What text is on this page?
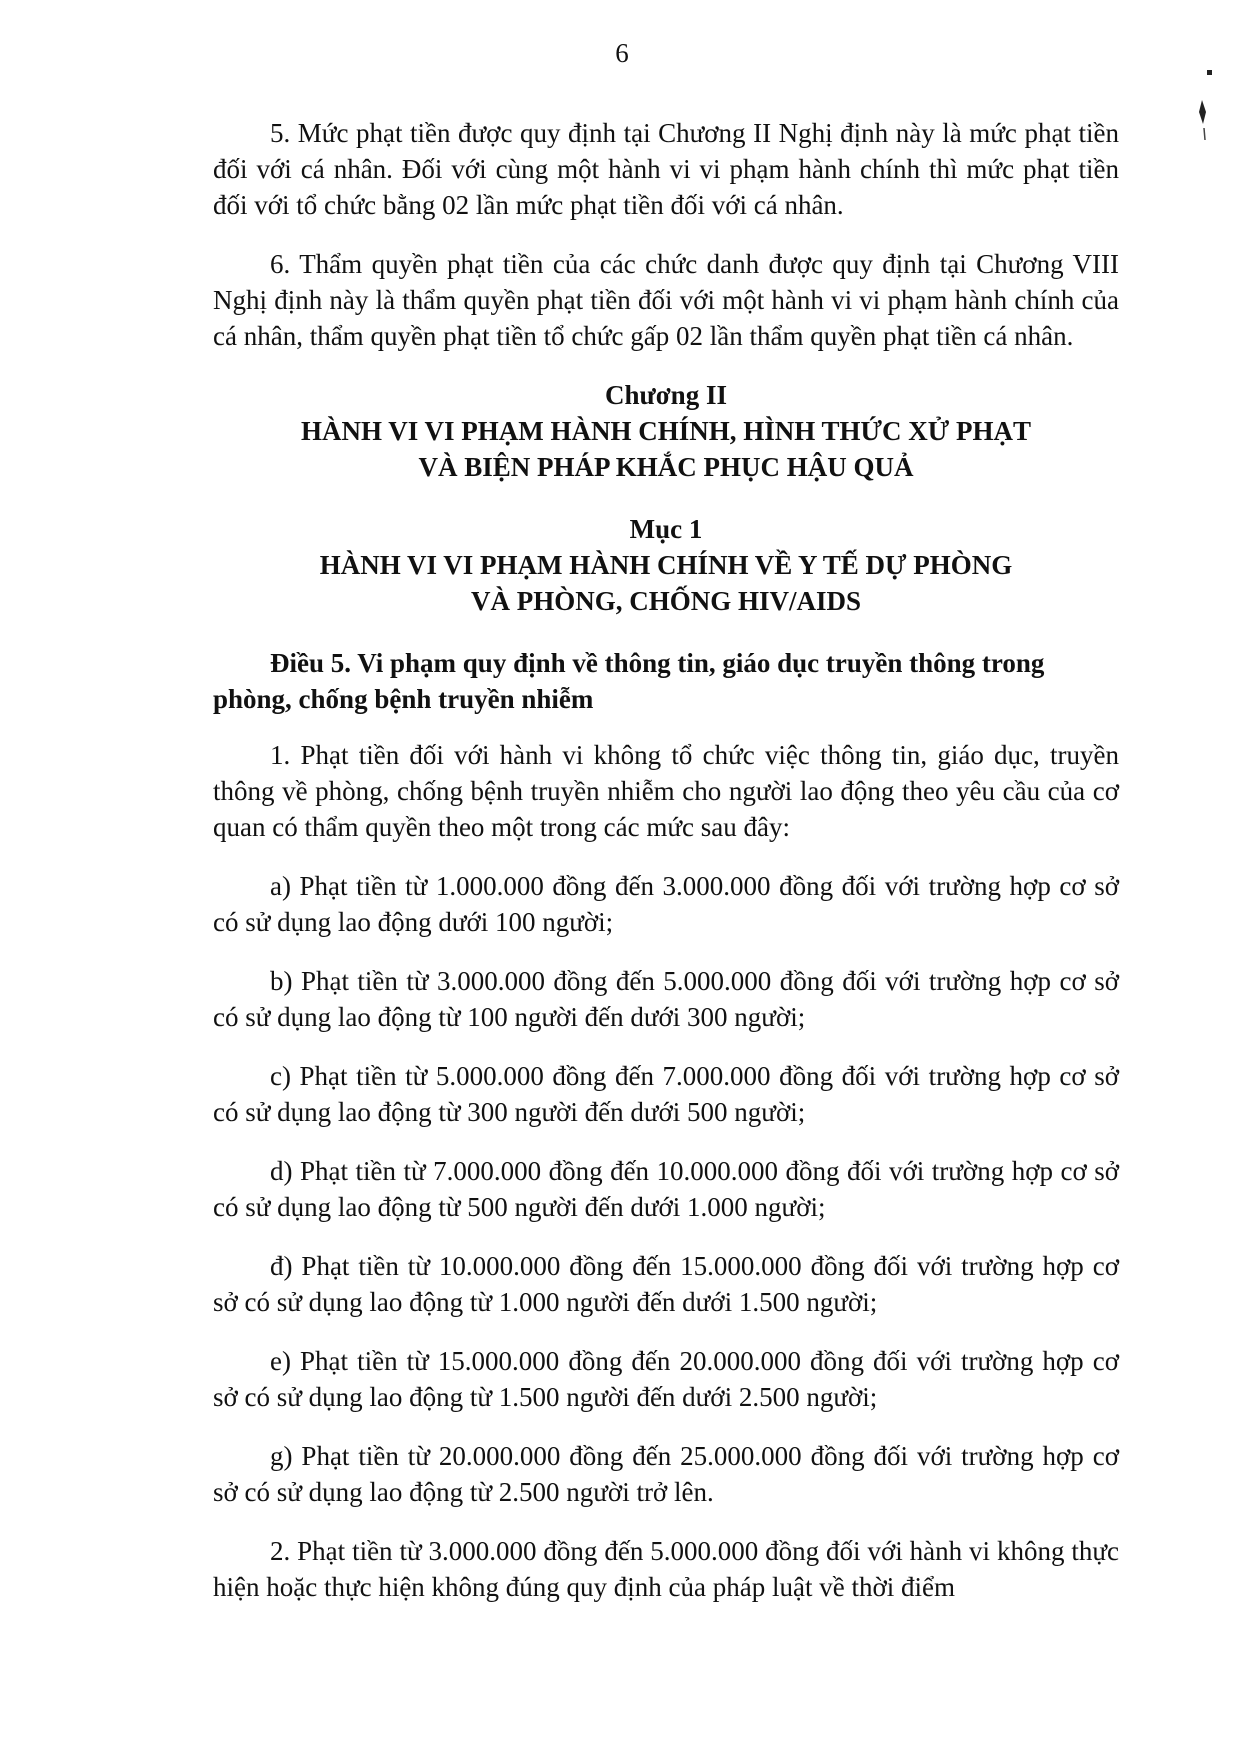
6

5. Mức phạt tiền được quy định tại Chương II Nghị định này là mức phạt tiền đối với cá nhân. Đối với cùng một hành vi vi phạm hành chính thì mức phạt tiền đối với tổ chức bằng 02 lần mức phạt tiền đối với cá nhân.

6. Thẩm quyền phạt tiền của các chức danh được quy định tại Chương VIII Nghị định này là thẩm quyền phạt tiền đối với một hành vi vi phạm hành chính của cá nhân, thẩm quyền phạt tiền tổ chức gấp 02 lần thẩm quyền phạt tiền cá nhân.

Chương II
HÀNH VI VI PHẠM HÀNH CHÍNH, HÌNH THỨC XỬ PHẠT
VÀ BIỆN PHÁP KHẮC PHỤC HẬU QUẢ
Mục 1
HÀNH VI VI PHẠM HÀNH CHÍNH VỀ Y TẾ DỰ PHÒNG
VÀ PHÒNG, CHỐNG HIV/AIDS

Điều 5. Vi phạm quy định về thông tin, giáo dục truyền thông trong phòng, chống bệnh truyền nhiễm

1. Phạt tiền đối với hành vi không tổ chức việc thông tin, giáo dục, truyền thông về phòng, chống bệnh truyền nhiễm cho người lao động theo yêu cầu của cơ quan có thẩm quyền theo một trong các mức sau đây:

a) Phạt tiền từ 1.000.000 đồng đến 3.000.000 đồng đối với trường hợp cơ sở có sử dụng lao động dưới 100 người;

b) Phạt tiền từ 3.000.000 đồng đến 5.000.000 đồng đối với trường hợp cơ sở có sử dụng lao động từ 100 người đến dưới 300 người;

c) Phạt tiền từ 5.000.000 đồng đến 7.000.000 đồng đối với trường hợp cơ sở có sử dụng lao động từ 300 người đến dưới 500 người;

d) Phạt tiền từ 7.000.000 đồng đến 10.000.000 đồng đối với trường hợp cơ sở có sử dụng lao động từ 500 người đến dưới 1.000 người;

đ) Phạt tiền từ 10.000.000 đồng đến 15.000.000 đồng đối với trường hợp cơ sở có sử dụng lao động từ 1.000 người đến dưới 1.500 người;

e) Phạt tiền từ 15.000.000 đồng đến 20.000.000 đồng đối với trường hợp cơ sở có sử dụng lao động từ 1.500 người đến dưới 2.500 người;

g) Phạt tiền từ 20.000.000 đồng đến 25.000.000 đồng đối với trường hợp cơ sở có sử dụng lao động từ 2.500 người trở lên.

2. Phạt tiền từ 3.000.000 đồng đến 5.000.000 đồng đối với hành vi không thực hiện hoặc thực hiện không đúng quy định của pháp luật về thời điểm
